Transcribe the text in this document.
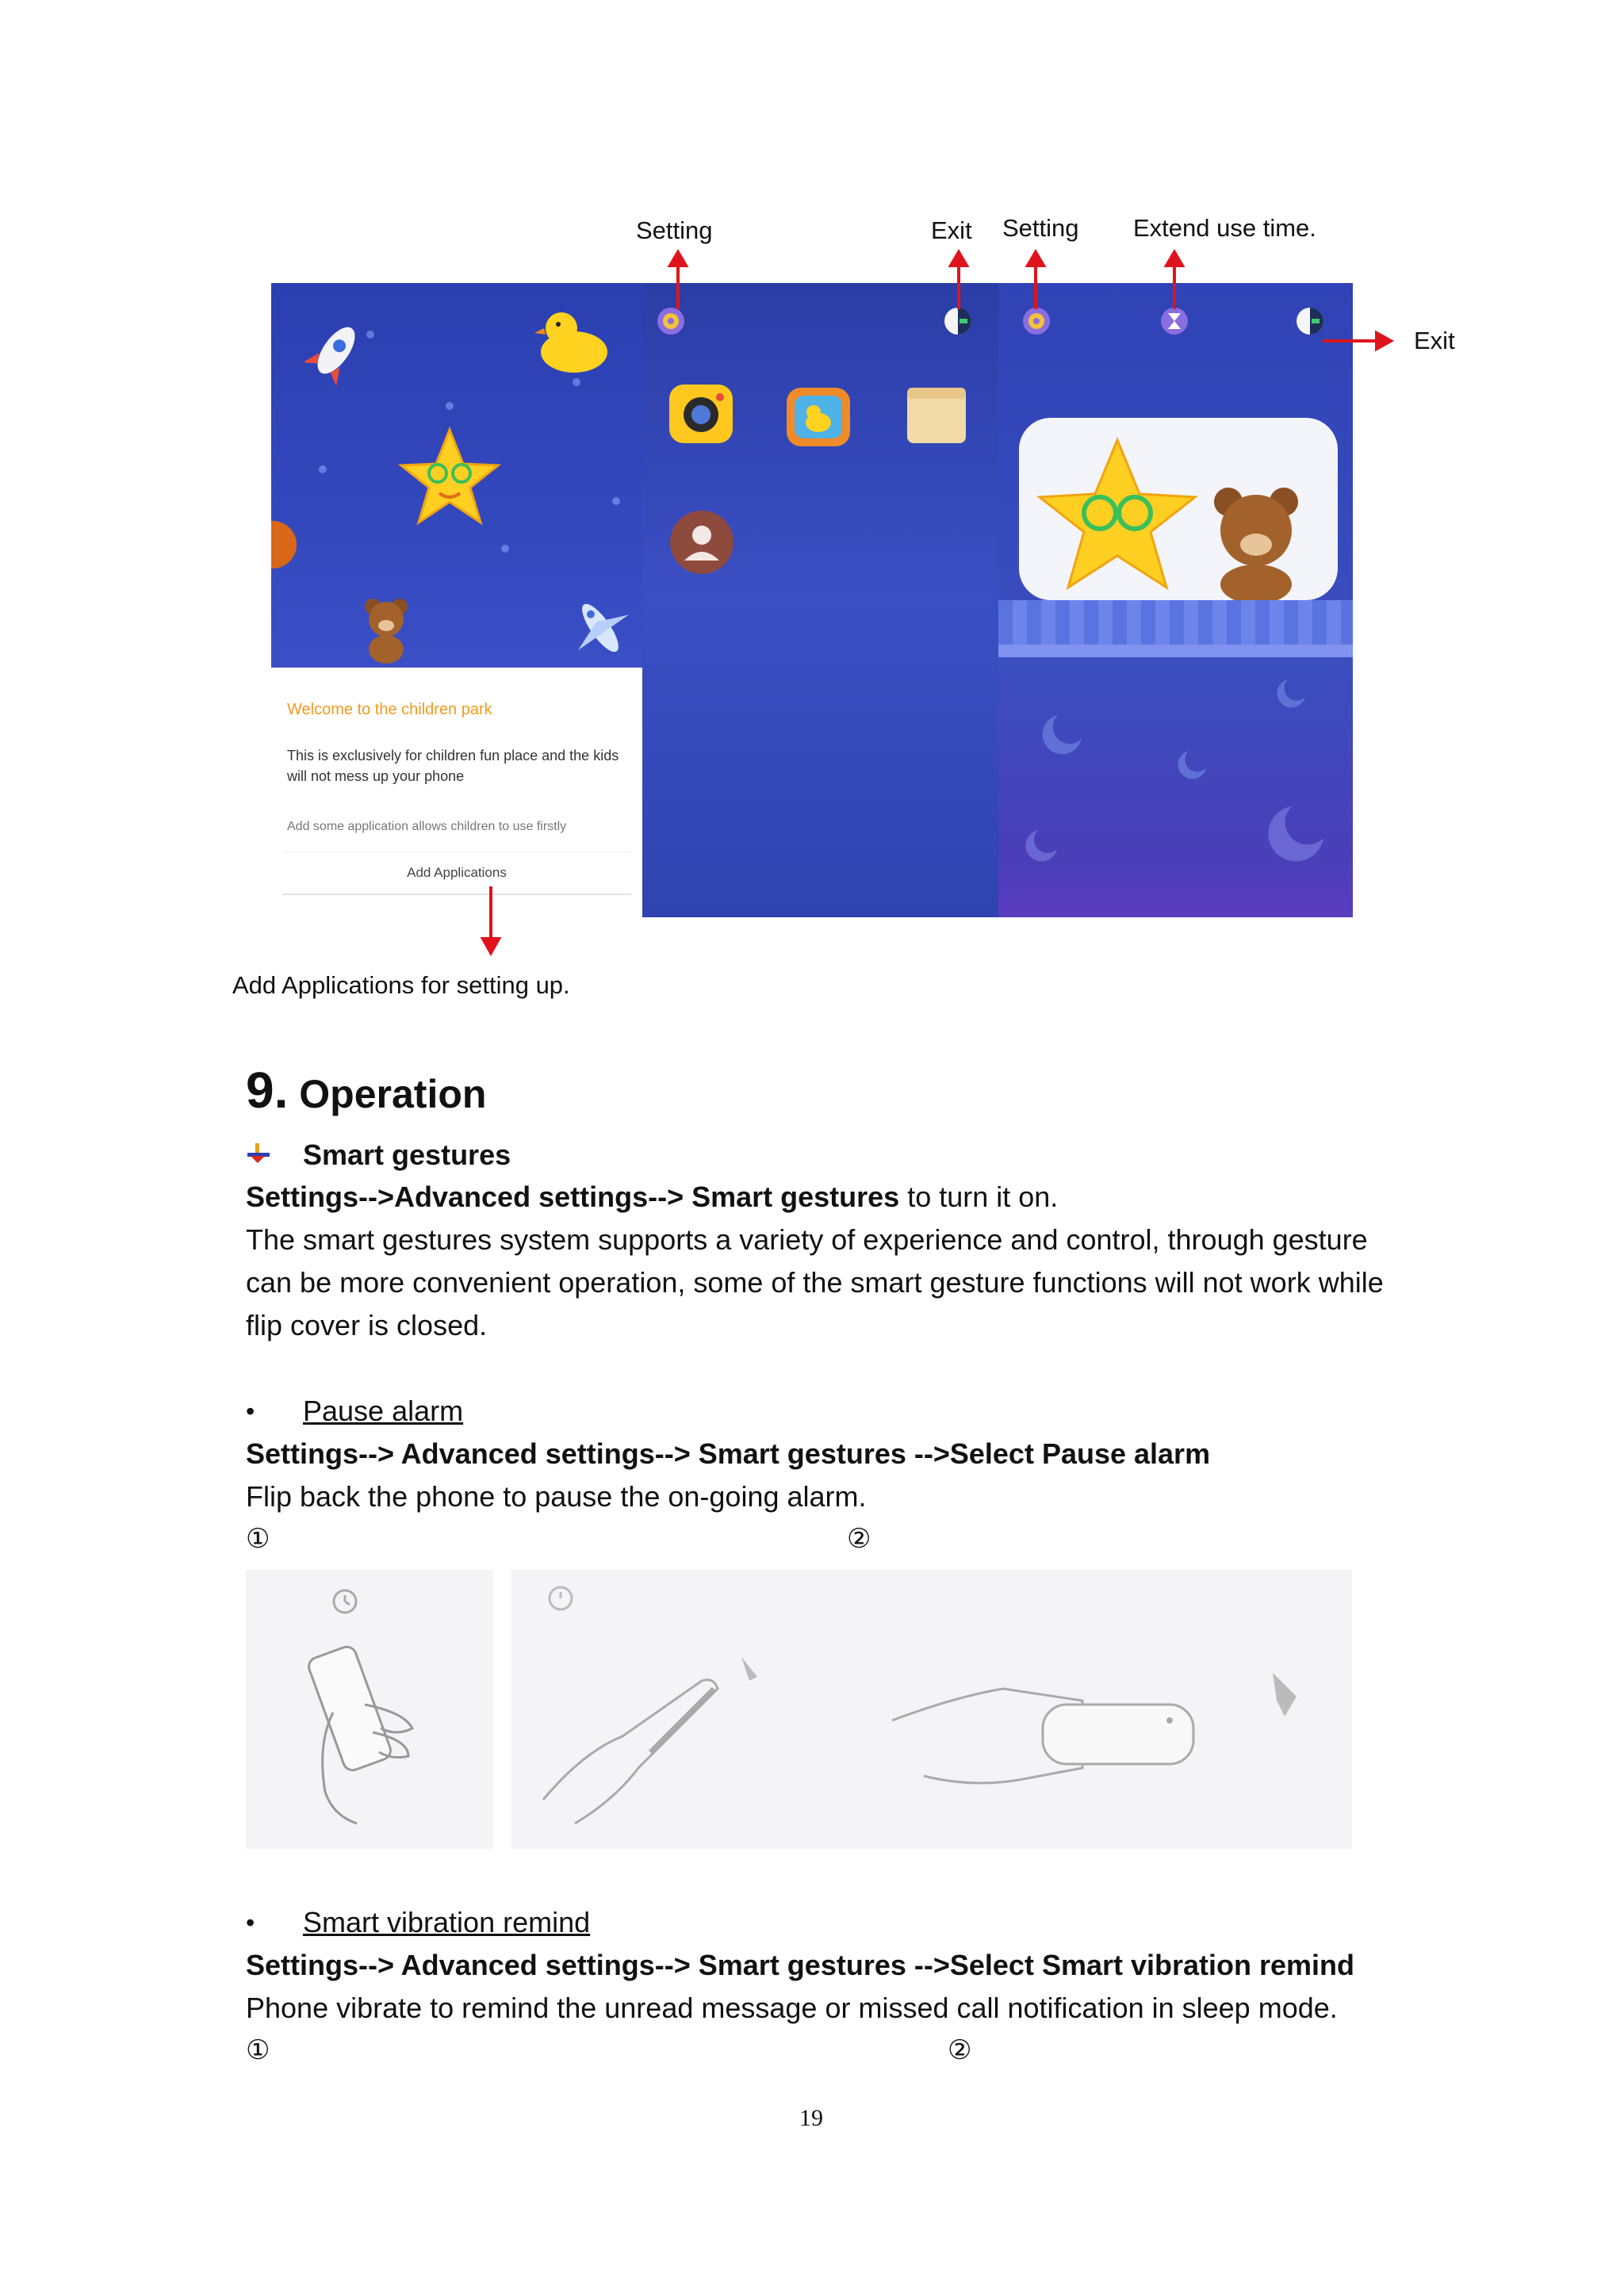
Setting	Exit Setting Extend use time.
Exit
Add Applications for setting up.
Welcome to the children park
This is exclusively for children fun place and the kids will not mess up your phone
Add some application allows children to use firstly
Add Applications
9. Operation
Smart gestures
Settings-->Advanced settings--> Smart gestures to turn it on.
The smart gestures system supports a variety of experience and control, through gesture
can be more convenient operation, some of the smart gesture functions will not work while
flip cover is closed.
• Pause alarm
Settings--> Advanced settings--> Smart gestures -->Select Pause alarm
Flip back the phone to pause the on-going alarm.
①	②
• Smart vibration remind
Settings--> Advanced settings--> Smart gestures -->Select Smart vibration remind
Phone vibrate to remind the unread message or missed call notification in sleep mode.
①	②
19
